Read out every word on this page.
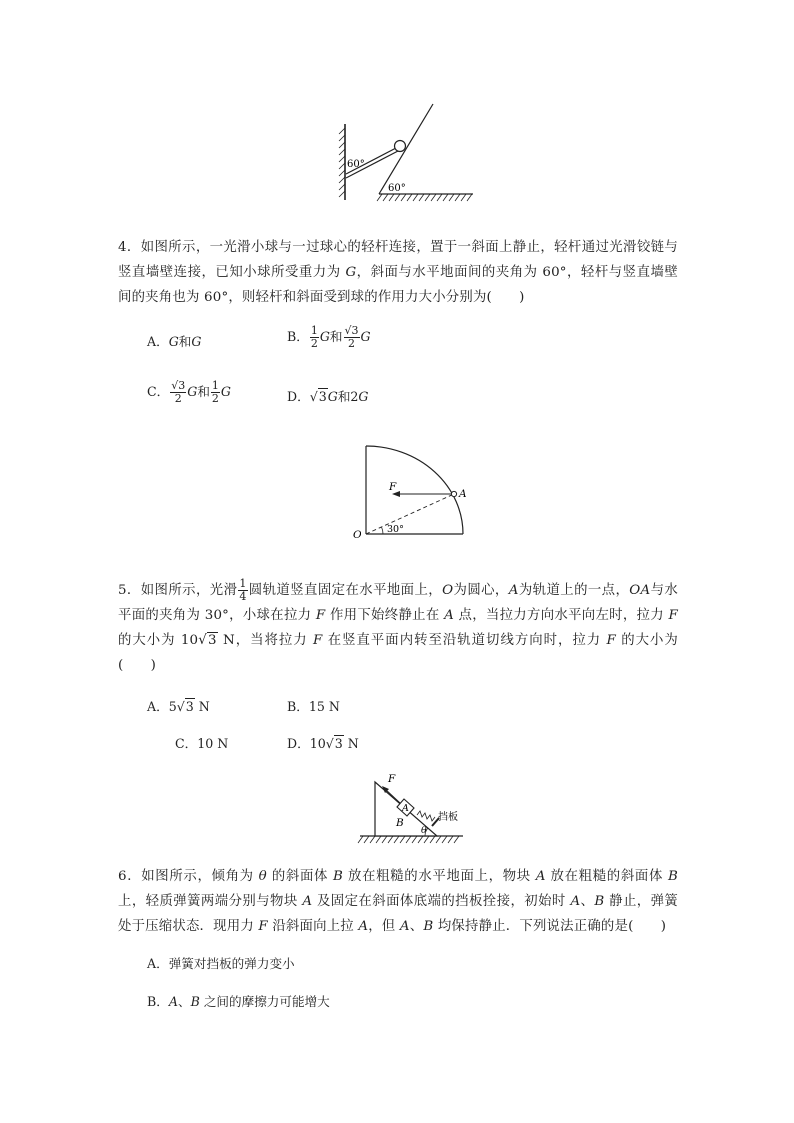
60°
60°
4．如图所示，一光滑小球与一过球心的轻杆连接，置于一斜面上静止，轻杆通过光滑铰链与竖直墙壁连接，已知小球所受重力为 G，斜面与水平地面间的夹角为 60°，轻杆与竖直墙壁间的夹角也为 60°，则轻杆和斜面受到球的作用力大小分别为(　　)
A．G和G	B． $\frac{1}{2}$ G和 $\frac{√3}{2}$ G
C． $\frac{√3}{2}$ G和 $\frac{1}{2}$ G	D．√3G和2G
F
A
O	30°
5．如图所示，光滑 $\frac{1}{4}$ 圆轨道竖直固定在水平地面上，O为圆心，A为轨道上的一点，OA与水平面的夹角为 30°，小球在拉力 F 作用下始终静止在 A 点，当拉力方向水平向左时，拉力 F 的大小为 10√3 N，当将拉力 F 在竖直平面内转至沿轨道切线方向时，拉力 F 的大小为(　　)
A．5√3 N	B．15 N
C．10 N	D．10√3 N
F
A
B
θ
挡板
6．如图所示，倾角为 θ 的斜面体 B 放在粗糙的水平地面上，物块 A 放在粗糙的斜面体 B 上，轻质弹簧两端分别与物块 A 及固定在斜面体底端的挡板拴接，初始时 A、B 静止，弹簧处于压缩状态．现用力 F 沿斜面向上拉 A，但 A、B 均保持静止．下列说法正确的是(　　)
A．弹簧对挡板的弹力变小
B．A、B 之间的摩擦力可能增大
